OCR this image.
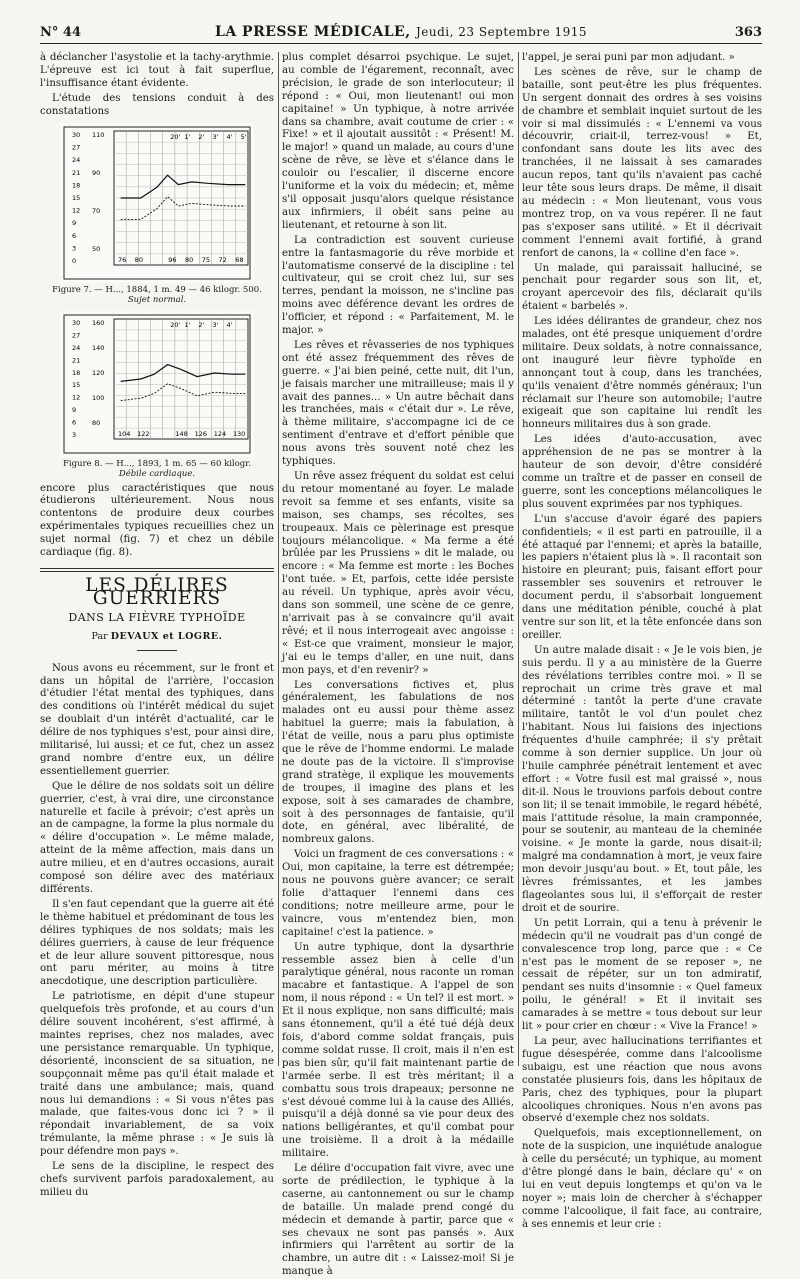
N° 44	LA PRESSE MÉDICALE, Jeudi, 23 Septembre 1915	363

à déclancher l'asystolie et la tachy-arythmie. L'épreuve est ici tout à fait superflue, l'insuffisance étant évidente.

L'étude des tensions conduit à des constatations

30
27
24
21
18
15
12
9
6
3
0
110
90
70
50
20' 1' 2' 3' 4' 5'
76 80	96 80 75 72 68
Figure 7. — H..., 1884, 1 m. 49 — 46 kilogr. 500.
Sujet normal.
30
27
24
21
18
15
12
9
6
3
160
140
120
100
80
20' 1' 2' 3' 4'
104 122	148 126 124 130
Figure 8. — H..., 1893, 1 m. 65 — 60 kilogr.
Débile cardiaque.

encore plus caractéristiques que nous étudierons ultérieurement. Nous nous contentons de produire deux courbes expérimentales typiques recueillies chez un sujet normal (fig. 7) et chez un débile cardiaque (fig. 8).

LES DÉLIRES GUERRIERS
DANS LA FIÈVRE TYPHOÏDE
Par DEVAUX et LOGRE.

Nous avons eu récemment, sur le front et dans un hôpital de l'arrière, l'occasion d'étudier l'état mental des typhiques, dans des conditions où l'intérêt médical du sujet se doublait d'un intérêt d'actualité, car le délire de nos typhiques s'est, pour ainsi dire, militarisé, lui aussi; et ce fut, chez un assez grand nombre d'entre eux, un délire essentiellement guerrier.

Que le délire de nos soldats soit un délire guerrier, c'est, à vrai dire, une circonstance naturelle et facile à prévoir; c'est après un an de campagne, la forme la plus normale du « délire d'occupation ». Le même malade, atteint de la même affection, mais dans un autre milieu, et en d'autres occasions, aurait composé son délire avec des matériaux différents.

Il s'en faut cependant que la guerre ait été le thème habituel et prédominant de tous les délires typhiques de nos soldats; mais les délires guerriers, à cause de leur fréquence et de leur allure souvent pittoresque, nous ont paru mériter, au moins à titre anecdotique, une description particulière.

Le patriotisme, en dépit d'une stupeur quelquefois très profonde, et au cours d'un délire souvent incohérent, s'est affirmé, à maintes reprises, chez nos malades, avec une persistance remarquable. Un typhique, désorienté, inconscient de sa situation, ne soupçonnait même pas qu'il était malade et traité dans une ambulance; mais, quand nous lui demandions : « Si vous n'êtes pas malade, que faites-vous donc ici ? » il répondait invariablement, de sa voix trémulante, la même phrase : « Je suis là pour défendre mon pays ».

Le sens de la discipline, le respect des chefs survivent parfois paradoxalement, au milieu du

plus complet désarroi psychique. Le sujet, au comble de l'égarement, reconnaît, avec précision, le grade de son interlocuteur; il répond : « Oui, mon lieutenant! oui mon capitaine! » Un typhique, à notre arrivée dans sa chambre, avait coutume de crier : « Fixe! » et il ajoutait aussitôt : « Présent! M. le major! » quand un malade, au cours d'une scène de rêve, se lève et s'élance dans le couloir ou l'escalier, il discerne encore l'uniforme et la voix du médecin; et, même s'il opposait jusqu'alors quelque résistance aux infirmiers, il obéit sans peine au lieutenant, et retourne à son lit.

La contradiction est souvent curieuse entre la fantasmagorie du rêve morbide et l'automatisme conservé de la discipline : tel cultivateur, qui se croit chez lui, sur ses terres, pendant la moisson, ne s'incline pas moins avec déférence devant les ordres de l'officier, et répond : « Parfaitement, M. le major. »

Les rêves et rêvasseries de nos typhiques ont été assez fréquemment des rêves de guerre. « J'ai bien peiné, cette nuit, dit l'un, je faisais marcher une mitrailleuse; mais il y avait des pannes... » Un autre bêchait dans les tranchées, mais « c'était dur ». Le rêve, à thème militaire, s'accompagne ici de ce sentiment d'entrave et d'effort pénible que nous avons très souvent noté chez les typhiques.

Un rêve assez fréquent du soldat est celui du retour momentané au foyer. Le malade revoit sa femme et ses enfants, visite sa maison, ses champs, ses récoltes, ses troupeaux. Mais ce pèlerinage est presque toujours mélancolique. « Ma ferme a été brûlée par les Prussiens » dit le malade, ou encore : « Ma femme est morte : les Boches l'ont tuée. » Et, parfois, cette idée persiste au réveil. Un typhique, après avoir vécu, dans son sommeil, une scène de ce genre, n'arrivait pas à se convaincre qu'il avait rêvé; et il nous interrogeait avec angoisse : « Est-ce que vraiment, monsieur le major, j'ai eu le temps d'aller, en une nuit, dans mon pays, et d'en revenir? »

Les conversations fictives et, plus généralement, les fabulations de nos malades ont eu aussi pour thème assez habituel la guerre; mais la fabulation, à l'état de veille, nous a paru plus optimiste que le rêve de l'homme endormi. Le malade ne doute pas de la victoire. Il s'improvise grand stratège, il explique les mouvements de troupes, il imagine des plans et les expose, soit à ses camarades de chambre, soit à des personnages de fantaisie, qu'il dote, en général, avec libéralité, de nombreux galons.

Voici un fragment de ces conversations : « Oui, mon capitaine, la terre est détrempée; nous ne pouvons guère avancer; ce serait folie d'attaquer l'ennemi dans ces conditions; notre meilleure arme, pour le vaincre, vous m'entendez bien, mon capitaine! c'est la patience. »

Un autre typhique, dont la dysarthrie ressemble assez bien à celle d'un paralytique général, nous raconte un roman macabre et fantastique. A l'appel de son nom, il nous répond : « Un tel? il est mort. » Et il nous explique, non sans difficulté; mais sans étonnement, qu'il a été tué déjà deux fois, d'abord comme soldat français, puis comme soldat russe. Il croit, mais il n'en est pas bien sûr, qu'il fait maintenant partie de l'armée serbe. Il est très méritant; il a combattu sous trois drapeaux; personne ne s'est dévoué comme lui à la cause des Alliés, puisqu'il a déjà donné sa vie pour deux des nations belligérantes, et qu'il combat pour une troisième. Il a droit à la médaille militaire.

Le délire d'occupation fait vivre, avec une sorte de prédilection, le typhique à la caserne, au cantonnement ou sur le champ de bataille. Un malade prend congé du médecin et demande à partir, parce que « ses chevaux ne sont pas pansés ». Aux infirmiers qui l'arrêtent au sortir de la chambre, un autre dit : « Laissez-moi! Si je manque à

l'appel, je serai puni par mon adjudant. »

Les scènes de rêve, sur le champ de bataille, sont peut-être les plus fréquentes. Un sergent donnait des ordres à ses voisins de chambre et semblait inquiet surtout de les voir si mal dissimulés : « L'ennemi va vous découvrir, criait-il, terrez-vous! » Et, confondant sans doute les lits avec des tranchées, il ne laissait à ses camarades aucun repos, tant qu'ils n'avaient pas caché leur tête sous leurs draps. De même, il disait au médecin : « Mon lieutenant, vous vous montrez trop, on va vous repérer. Il ne faut pas s'exposer sans utilité. » Et il décrivait comment l'ennemi avait fortifié, à grand renfort de canons, la « colline d'en face ».

Un malade, qui paraissait halluciné, se penchait pour regarder sous son lit, et, croyant apercevoir des fils, déclarait qu'ils étaient « barbelés ».

Les idées délirantes de grandeur, chez nos malades, ont été presque uniquement d'ordre militaire. Deux soldats, à notre connaissance, ont inauguré leur fièvre typhoïde en annonçant tout à coup, dans les tranchées, qu'ils venaient d'être nommés généraux; l'un réclamait sur l'heure son automobile; l'autre exigeait que son capitaine lui rendît les honneurs militaires dus à son grade.

Les idées d'auto-accusation, avec appréhension de ne pas se montrer à la hauteur de son devoir, d'être considéré comme un traître et de passer en conseil de guerre, sont les conceptions mélancoliques le plus souvent exprimées par nos typhiques.

L'un s'accuse d'avoir égaré des papiers confidentiels; « il est parti en patrouille, il a été attaqué par l'ennemi; et après la bataille, les papiers n'étaient plus là ». Il racontait son histoire en pleurant; puis, faisant effort pour rassembler ses souvenirs et retrouver le document perdu, il s'absorbait longuement dans une méditation pénible, couché à plat ventre sur son lit, et la tête enfoncée dans son oreiller.

Un autre malade disait : « Je le vois bien, je suis perdu. Il y a au ministère de la Guerre des révélations terribles contre moi. » Il se reprochait un crime très grave et mal déterminé : tantôt la perte d'une cravate militaire, tantôt le vol d'un poulet chez l'habitant. Nous lui faisions des injections fréquentes d'huile camphrée; il s'y prêtait comme à son dernier supplice. Un jour où l'huile camphrée pénétrait lentement et avec effort : « Votre fusil est mal graissé », nous dit-il. Nous le trouvions parfois debout contre son lit; il se tenait immobile, le regard hébété, mais l'attitude résolue, la main cramponnée, pour se soutenir, au manteau de la cheminée voisine. « Je monte la garde, nous disait-il; malgré ma condamnation à mort, je veux faire mon devoir jusqu'au bout. » Et, tout pâle, les lèvres frémissantes, et les jambes flageolantes sous lui, il s'efforçait de rester droit et de sourire.

Un petit Lorrain, qui a tenu à prévenir le médecin qu'il ne voudrait pas d'un congé de convalescence trop long, parce que : « Ce n'est pas le moment de se reposer », ne cessait de répéter, sur un ton admiratif, pendant ses nuits d'insomnie : « Quel fameux poilu, le général! » Et il invitait ses camarades à se mettre « tous debout sur leur lit » pour crier en chœur : « Vive la France! »

La peur, avec hallucinations terrifiantes et fugue désespérée, comme dans l'alcoolisme subaigu, est une réaction que nous avons constatée plusieurs fois, dans les hôpitaux de Paris, chez des typhiques, pour la plupart alcooliques chroniques. Nous n'en avons pas observé d'exemple chez nos soldats.

Quelquefois, mais exceptionnellement, on note de la suspicion, une inquiétude analogue à celle du persécuté; un typhique, au moment d'être plongé dans le bain, déclare qu' « on lui en veut depuis longtemps et qu'on va le noyer »; mais loin de chercher à s'échapper comme l'alcoolique, il fait face, au contraire, à ses ennemis et leur crie :
